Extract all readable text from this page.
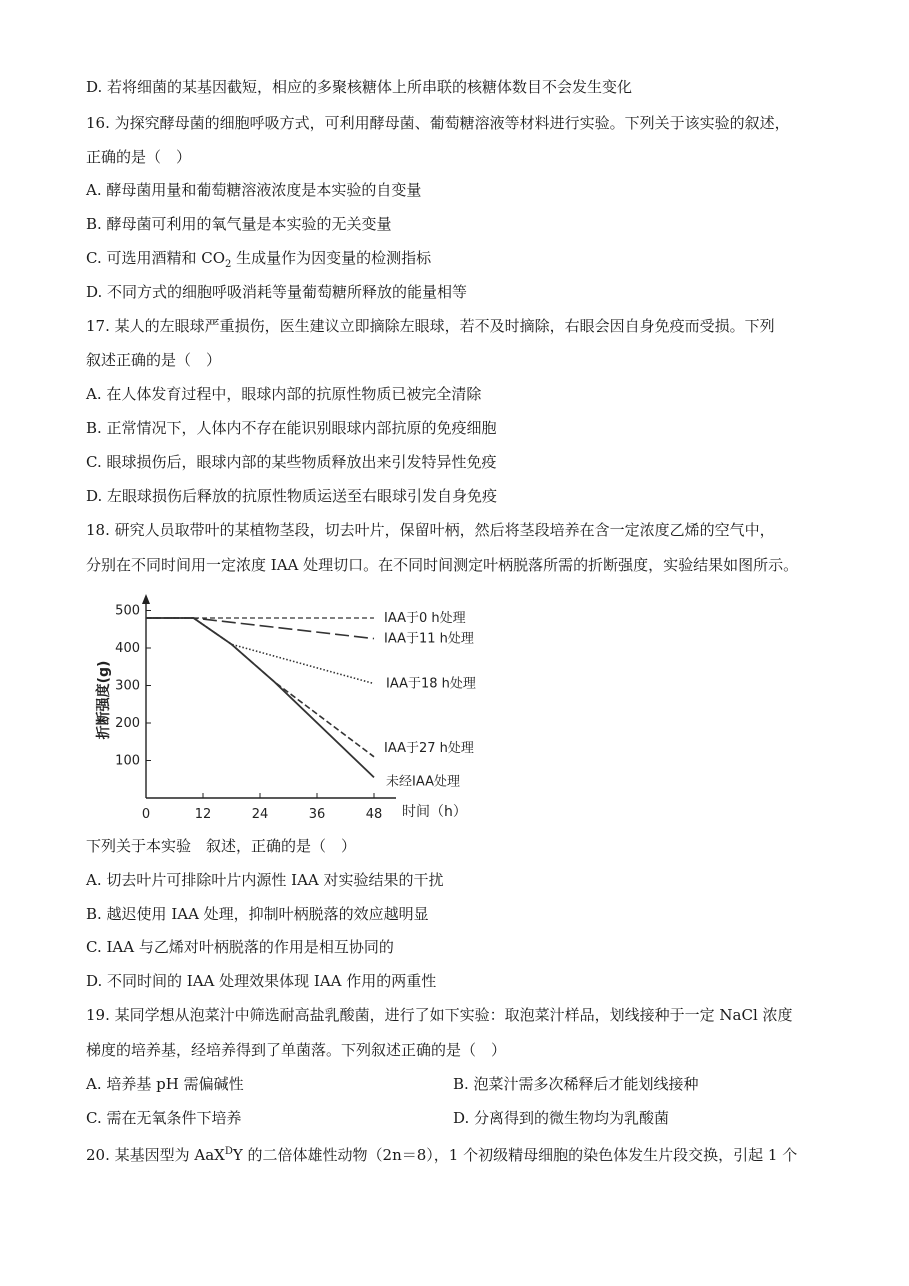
D. 若将细菌的某基因截短，相应的多聚核糖体上所串联的核糖体数目不会发生变化
16. 为探究酵母菌的细胞呼吸方式，可利用酵母菌、葡萄糖溶液等材料进行实验。下列关于该实验的叙述，
正确的是（　）
A. 酵母菌用量和葡萄糖溶液浓度是本实验的自变量
B. 酵母菌可利用的氧气量是本实验的无关变量
C. 可选用酒精和 $CO_2$ 生成量作为因变量的检测指标
D. 不同方式的细胞呼吸消耗等量葡萄糖所释放的能量相等
17. 某人的左眼球严重损伤，医生建议立即摘除左眼球，若不及时摘除，右眼会因自身免疫而受损。下列
叙述正确的是（　）
A. 在人体发育过程中，眼球内部的抗原性物质已被完全清除
B. 正常情况下，人体内不存在能识别眼球内部抗原的免疫细胞
C. 眼球损伤后，眼球内部的某些物质释放出来引发特异性免疫
D. 左眼球损伤后释放的抗原性物质运送至右眼球引发自身免疫
18. 研究人员取带叶的某植物茎段，切去叶片，保留叶柄，然后将茎段培养在含一定浓度乙烯的空气中，
分别在不同时间用一定浓度 IAA 处理切口。在不同时间测定叶柄脱落所需的折断强度，实验结果如图所示。
100
200
300
400
500
0	12	24	36	48 时间（h）
折断强度(g)
IAA于0 h处理
IAA于11 h处理
IAA于18 h处理
IAA于27 h处理
未经IAA处理
下列关于本实验　叙述，正确的是（　）
A. 切去叶片可排除叶片内源性 IAA 对实验结果的干扰
B. 越迟使用 IAA 处理，抑制叶柄脱落的效应越明显
C. IAA 与乙烯对叶柄脱落的作用是相互协同的
D. 不同时间的 IAA 处理效果体现 IAA 作用的两重性
19. 某同学想从泡菜汁中筛选耐高盐乳酸菌，进行了如下实验：取泡菜汁样品，划线接种于一定 NaCl 浓度
梯度的培养基，经培养得到了单菌落。下列叙述正确的是（　）
A. 培养基 pH 需偏碱性	B. 泡菜汁需多次稀释后才能划线接种
C. 需在无氧条件下培养	D. 分离得到的微生物均为乳酸菌
20. 某基因型为 AaX$^D$Y 的二倍体雄性动物（2n＝8），1 个初级精母细胞的染色体发生片段交换，引起 1 个
